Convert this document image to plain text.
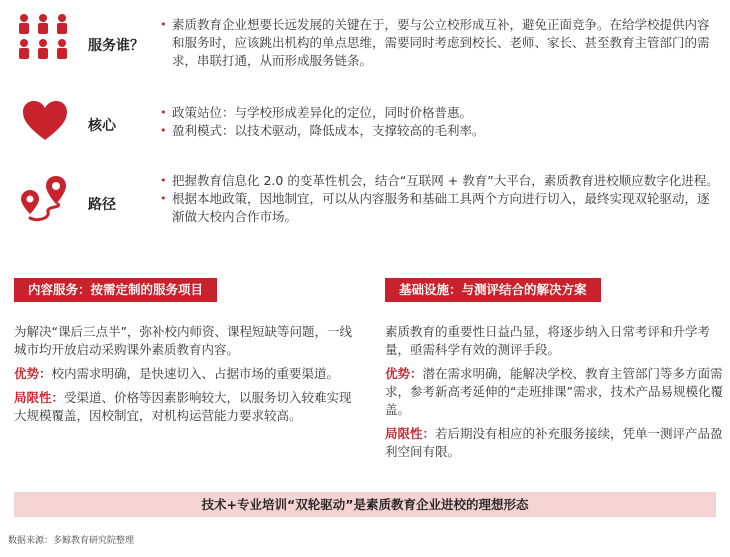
服务谁？
• 素质教育企业想要长远发展的关键在于，要与公立校形成互补，避免正面竞争。在给学校提供内容和服务时，应该跳出机构的单点思维，需要同时考虑到校长、老师、家长、甚至教育主管部门的需求，串联打通，从而形成服务链条。
核心
• 政策站位：与学校形成差异化的定位，同时价格普惠。
• 盈利模式：以技术驱动，降低成本，支撑较高的毛利率。
路径
• 把握教育信息化 2.0 的变革性机会，结合“互联网 + 教育”大平台，素质教育进校顺应数字化进程。
• 根据本地政策，因地制宜，可以从内容服务和基础工具两个方向进行切入，最终实现双轮驱动，逐渐做大校内合作市场。
内容服务：按需定制的服务项目

为解决“课后三点半”，弥补校内师资、课程短缺等问题，一线城市均开放启动采购课外素质教育内容。

优势：校内需求明确，是快速切入、占据市场的重要渠道。

局限性：受渠道、价格等因素影响较大，以服务切入较难实现大规模覆盖，因校制宜，对机构运营能力要求较高。

基础设施：与测评结合的解决方案

素质教育的重要性日益凸显，将逐步纳入日常考评和升学考量，亟需科学有效的测评手段。

优势：潜在需求明确，能解决学校、教育主管部门等多方面需求，参考新高考延伸的“走班排课”需求，技术产品易规模化覆盖。

局限性：若后期没有相应的补充服务接续，凭单一测评产品盈利空间有限。

技术+专业培训“双轮驱动”是素质教育企业进校的理想形态
数据来源：多鲸教育研究院整理
